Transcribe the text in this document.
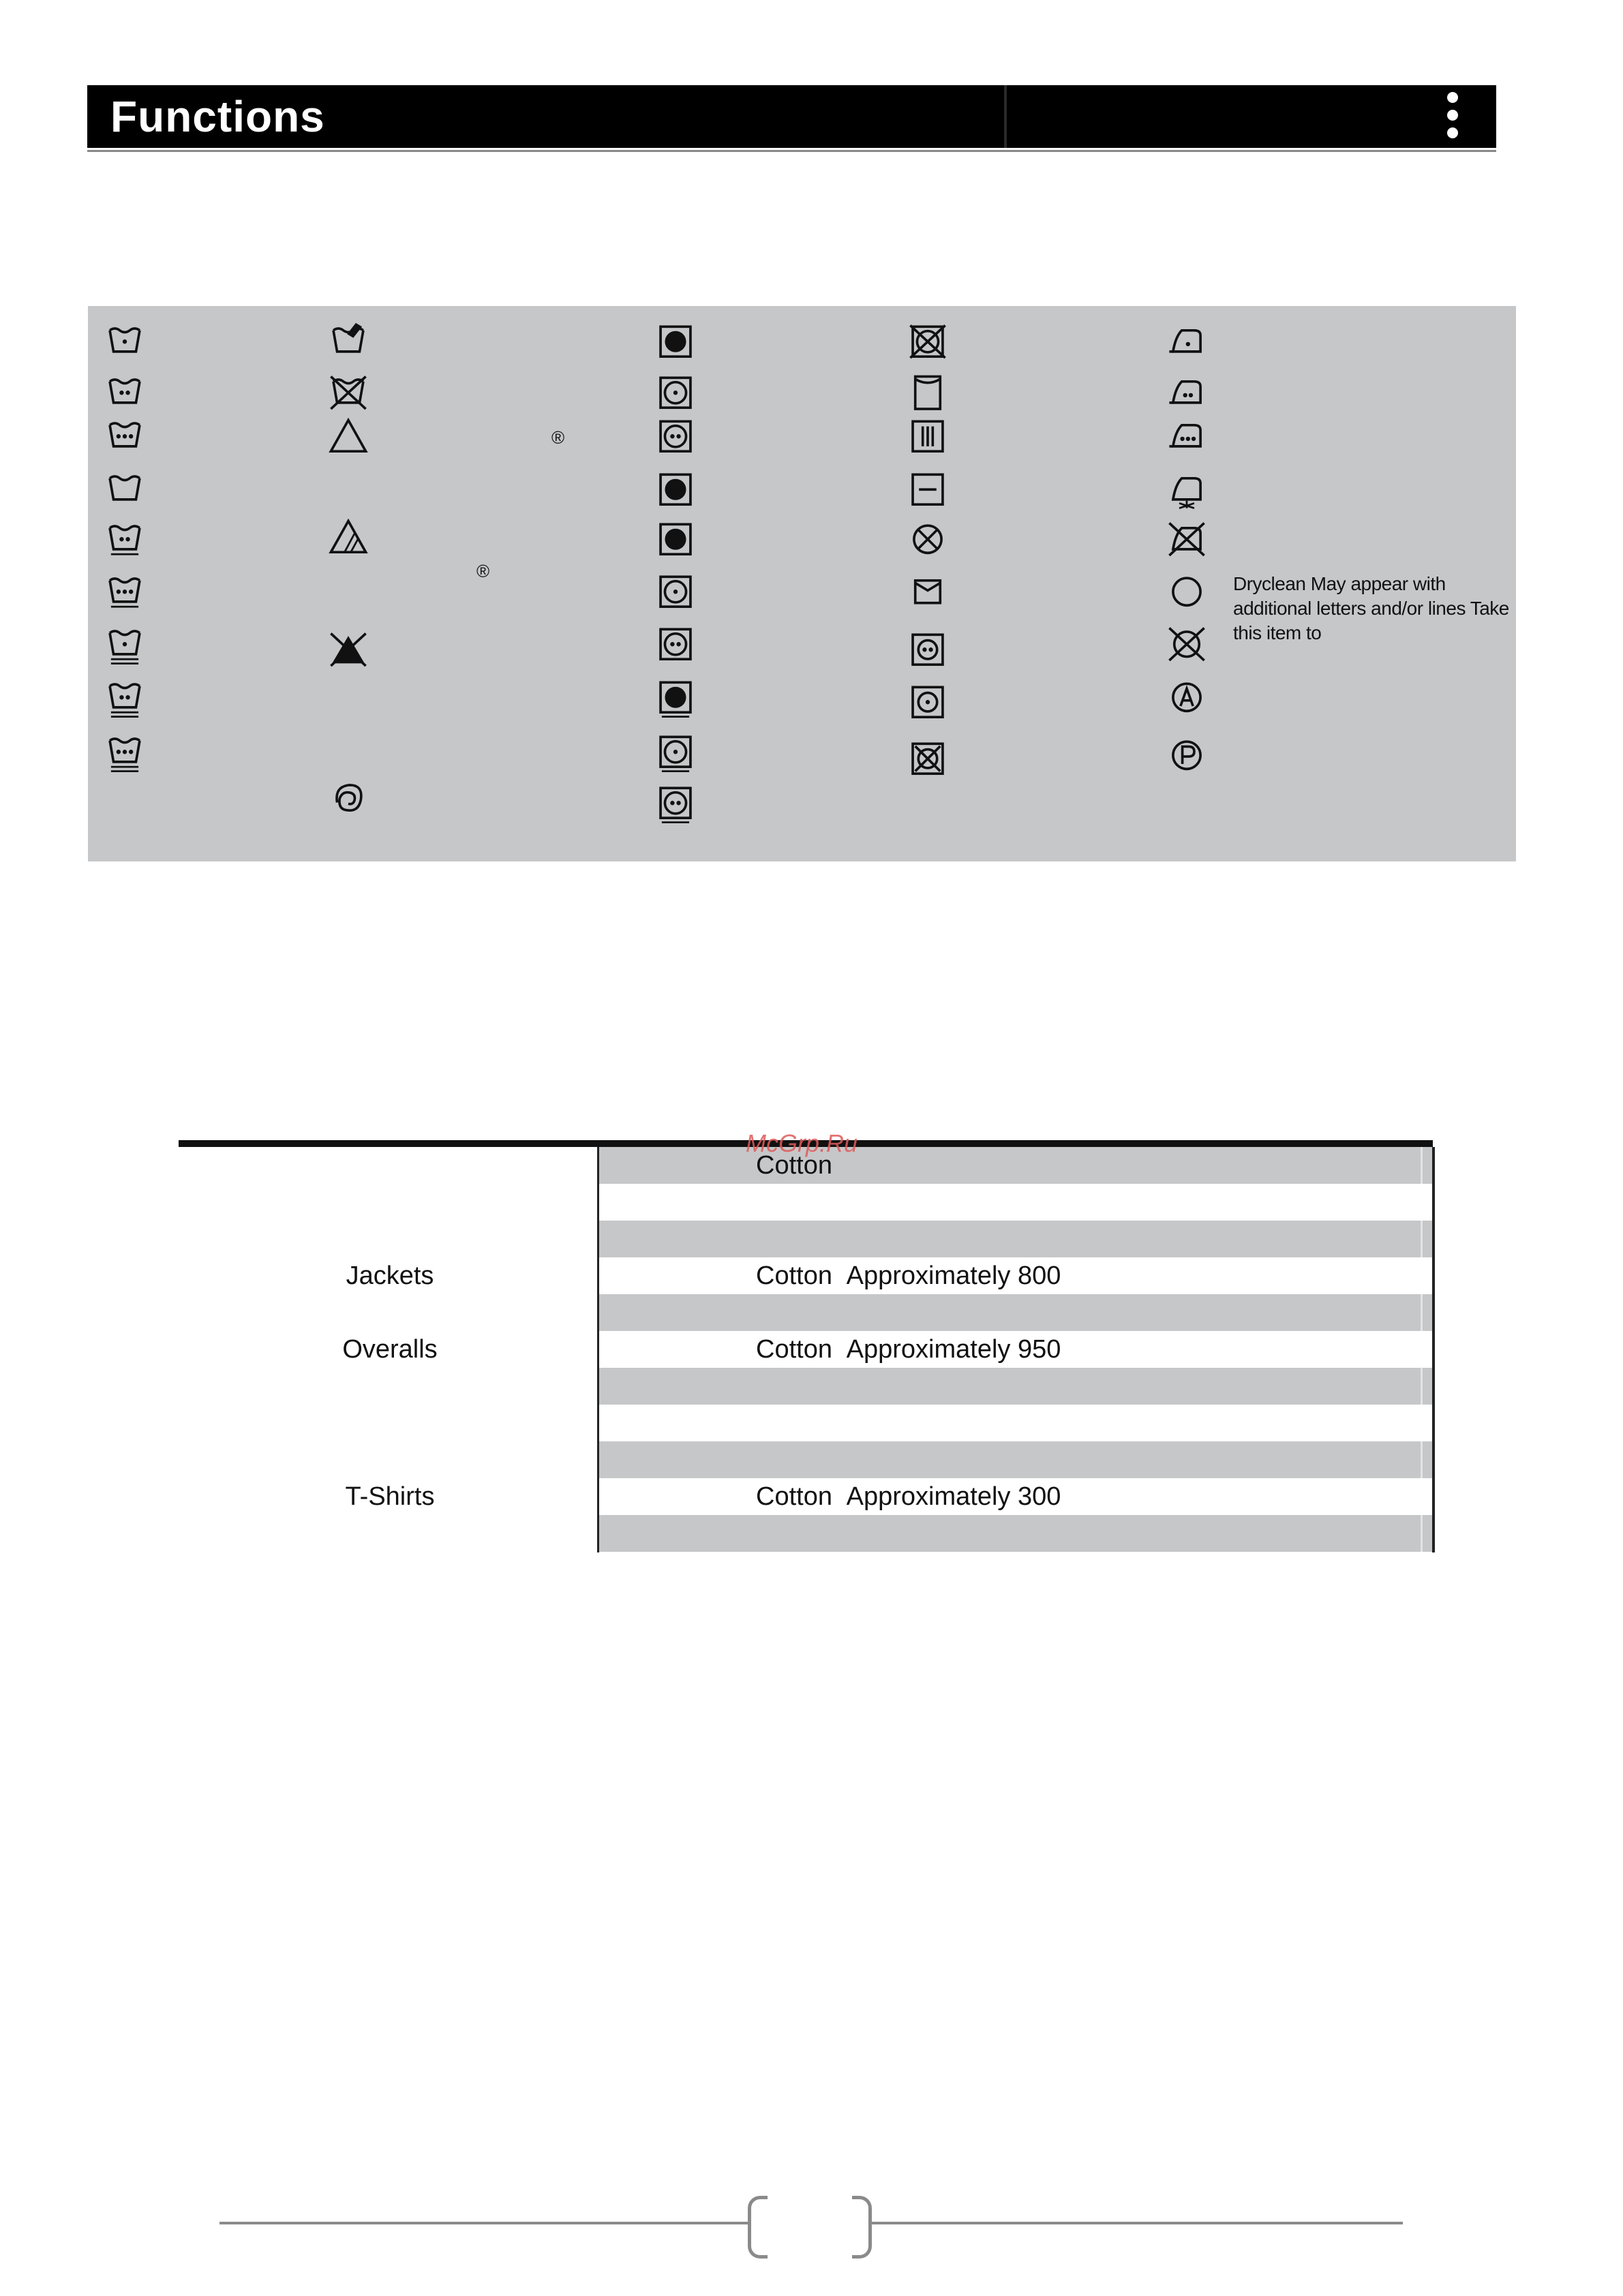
Functions
®
®
Dryclean May appear with additional letters and/or lines Take this item to
Cotton
Jackets	Cotton Approximately 800
Overalls	Cotton Approximately 950
T-Shirts	Cotton Approximately 300
McGrp.Ru
